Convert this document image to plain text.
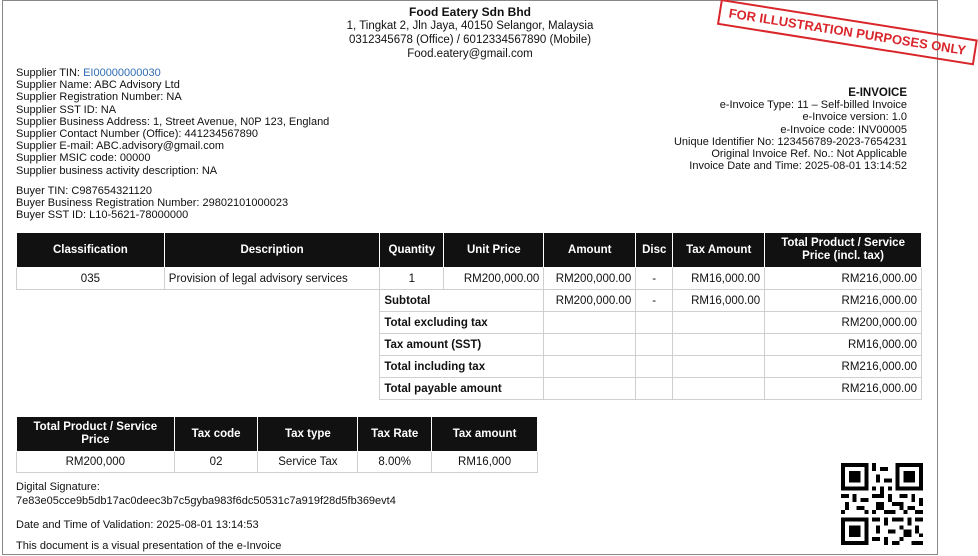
FOR ILLUSTRATION PURPOSES ONLY
Food Eatery Sdn Bhd
1, Tingkat 2, Jln Jaya, 40150 Selangor, Malaysia
0312345678 (Office) / 6012334567890 (Mobile)
Food.eatery@gmail.com
Supplier TIN: EI00000000030
Supplier Name: ABC Advisory Ltd
Supplier Registration Number: NA
Supplier SST ID: NA
Supplier Business Address: 1, Street Avenue, N0P 123, England
Supplier Contact Number (Office): 441234567890
Supplier E-mail: ABC.advisory@gmail.com
Supplier MSIC code: 00000
Supplier business activity description: NA
E-INVOICE
e-Invoice Type: 11 – Self-billed Invoice
e-Invoice version: 1.0
e-Invoice code: INV00005
Unique Identifier No: 123456789-2023-7654231
Original Invoice Ref. No.: Not Applicable
Invoice Date and Time: 2025-08-01 13:14:52
Buyer TIN: C987654321120
Buyer Business Registration Number: 29802101000023
Buyer SST ID: L10-5621-78000000
Classification	Description	Quantity	Unit Price	Amount	Disc	Tax Amount	Total Product / Service Price (incl. tax)
035	Provision of legal advisory services	1	RM200,000.00	RM200,000.00	-	RM16,000.00	RM216,000.00
		Subtotal		RM200,000.00	-	RM16,000.00	RM216,000.00
		Total excluding tax					RM200,000.00
		Tax amount (SST)					RM16,000.00
		Total including tax					RM216,000.00
		Total payable amount					RM216,000.00
Total Product / Service Price	Tax code	Tax type	Tax Rate	Tax amount
RM200,000	02	Service Tax	8.00%	RM16,000
Digital Signature:
7e83e05cce9b5db17ac0deec3b7c5gyba983f6dc50531c7a919f28d5fb369evt4
Date and Time of Validation: 2025-08-01 13:14:53
This document is a visual presentation of the e-Invoice
